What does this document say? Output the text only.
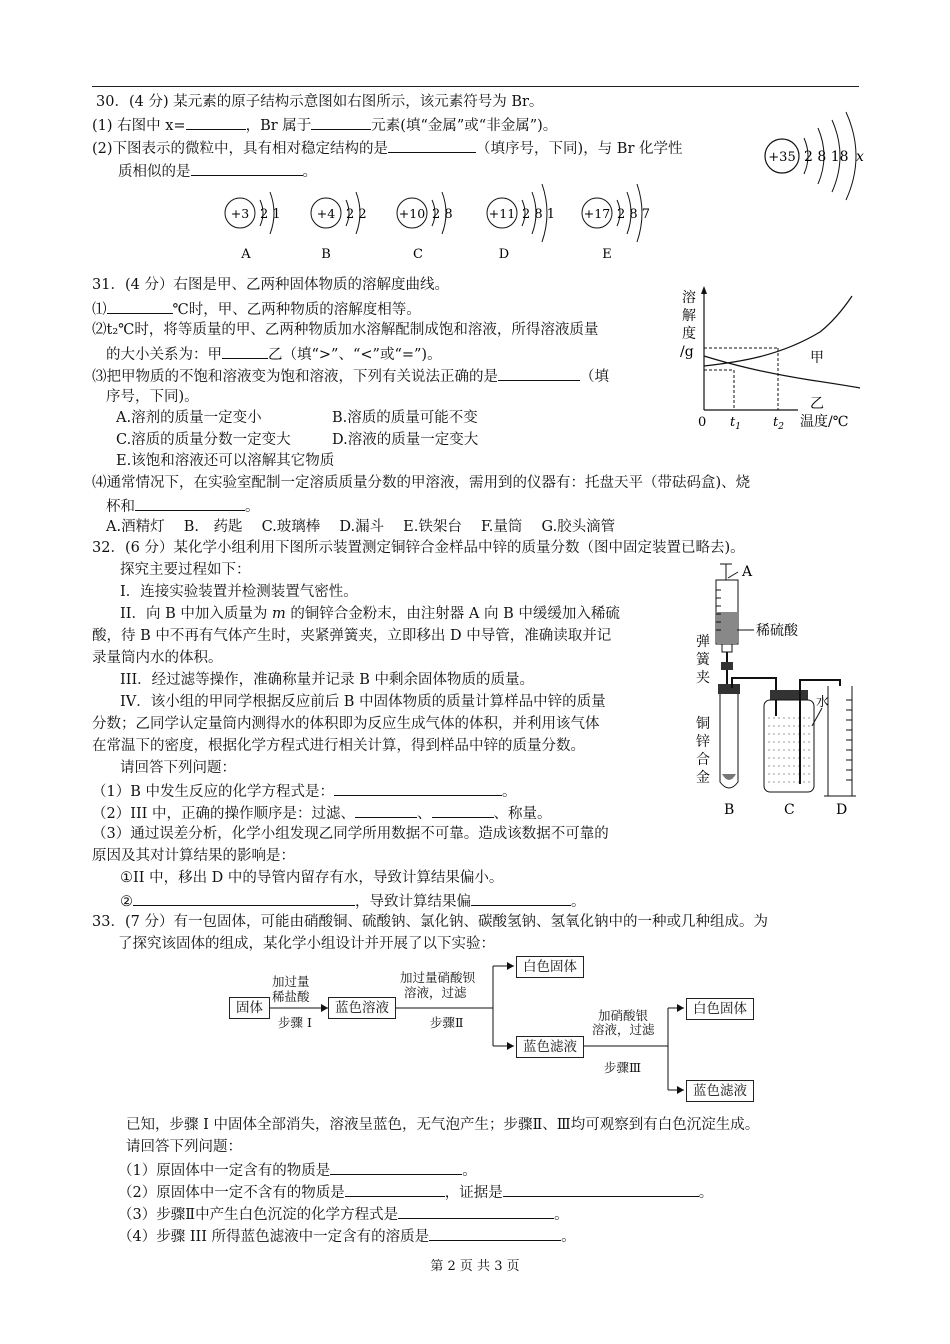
30．(4 分) 某元素的原子结构示意图如右图所示，该元素符号为 Br。
(1) 右图中 x=	，Br 属于	元素(填“金属”或“非金属”)。
(2)下图表示的微粒中，具有相对稳定结构的是	（填序号，下同)，与 Br 化学性
质相似的是	。
+35 2 8 18 x
+3 2 1
A
+4 2 2
B
+10 2 8
C
+11 2 8 1
D
+17 2 8 7
E
31．(4 分）右图是甲、乙两种固体物质的溶解度曲线。
⑴	℃时，甲、乙两种物质的溶解度相等。
⑵t₂℃时，将等质量的甲、乙两种物质加水溶解配制成饱和溶液，所得溶液质量
的大小关系为：甲	乙（填“>”、“<”或“=”)。
⑶把甲物质的不饱和溶液变为饱和溶液，下列有关说法正确的是	（填
序号，下同)。
A.溶剂的质量一定变小	B.溶质的质量可能不变
C.溶质的质量分数一定变大	D.溶液的质量一定变大
E.该饱和溶液还可以溶解其它物质
⑷通常情况下，在实验室配制一定溶质质量分数的甲溶液，需用到的仪器有：托盘天平（带砝码盒)、烧
杯和	。
A.酒精灯　 B.　药匙　 C.玻璃棒　 D.漏斗　 E.铁架台　 F.量筒　 G.胶头滴管
溶
解
度
/g	甲
乙
0 $t_1$ $t_2$ 温度/℃
32．(6 分）某化学小组利用下图所示装置测定铜锌合金样品中锌的质量分数（图中固定装置已略去)。
探究主要过程如下：
I．连接实验装置并检测装置气密性。
II．向 B 中加入质量为 m 的铜锌合金粉末，由注射器 A 向 B 中缓缓加入稀硫
酸，待 B 中不再有气体产生时，夹紧弹簧夹，立即移出 D 中导管，准确读取并记
录量筒内水的体积。
III．经过滤等操作，准确称量并记录 B 中剩余固体物质的质量。
IV．该小组的甲同学根据反应前后 B 中固体物质的质量计算样品中锌的质量
分数；乙同学认定量筒内测得水的体积即为反应生成气体的体积，并利用该气体
在常温下的密度，根据化学方程式进行相关计算，得到样品中锌的质量分数。
请回答下列问题：
（1）B 中发生反应的化学方程式是：	。
（2）III 中，正确的操作顺序是：过滤、	、	、称量。
（3）通过误差分析，化学小组发现乙同学所用数据不可靠。造成该数据不可靠的
原因及其对计算结果的影响是：
①II 中，移出 D 中的导管内留存有水，导致计算结果偏小。
②	，导致计算结果偏	。
A
稀硫酸
弹
簧
夹
铜
锌
合
金
水
B	C	D
33．(7 分）有一包固体，可能由硝酸铜、硫酸钠、氯化钠、碳酸氢钠、氢氧化钠中的一种或几种组成。为
了探究该固体的组成，某化学小组设计并开展了以下实验：
固体
加过量
稀盐酸
步骤 I
蓝色溶液
加过量硝酸钡
溶液，过滤
步骤Ⅱ
白色固体
蓝色滤液
加硝酸银
溶液，过滤
步骤Ⅲ
白色固体
蓝色滤液
已知，步骤 I 中固体全部消失，溶液呈蓝色，无气泡产生；步骤Ⅱ、Ⅲ均可观察到有白色沉淀生成。
请回答下列问题：
（1）原固体中一定含有的物质是	。
（2）原固体中一定不含有的物质是	，证据是	。
（3）步骤Ⅱ中产生白色沉淀的化学方程式是	。
（4）步骤 III 所得蓝色滤液中一定含有的溶质是	。
第 2 页 共 3 页
